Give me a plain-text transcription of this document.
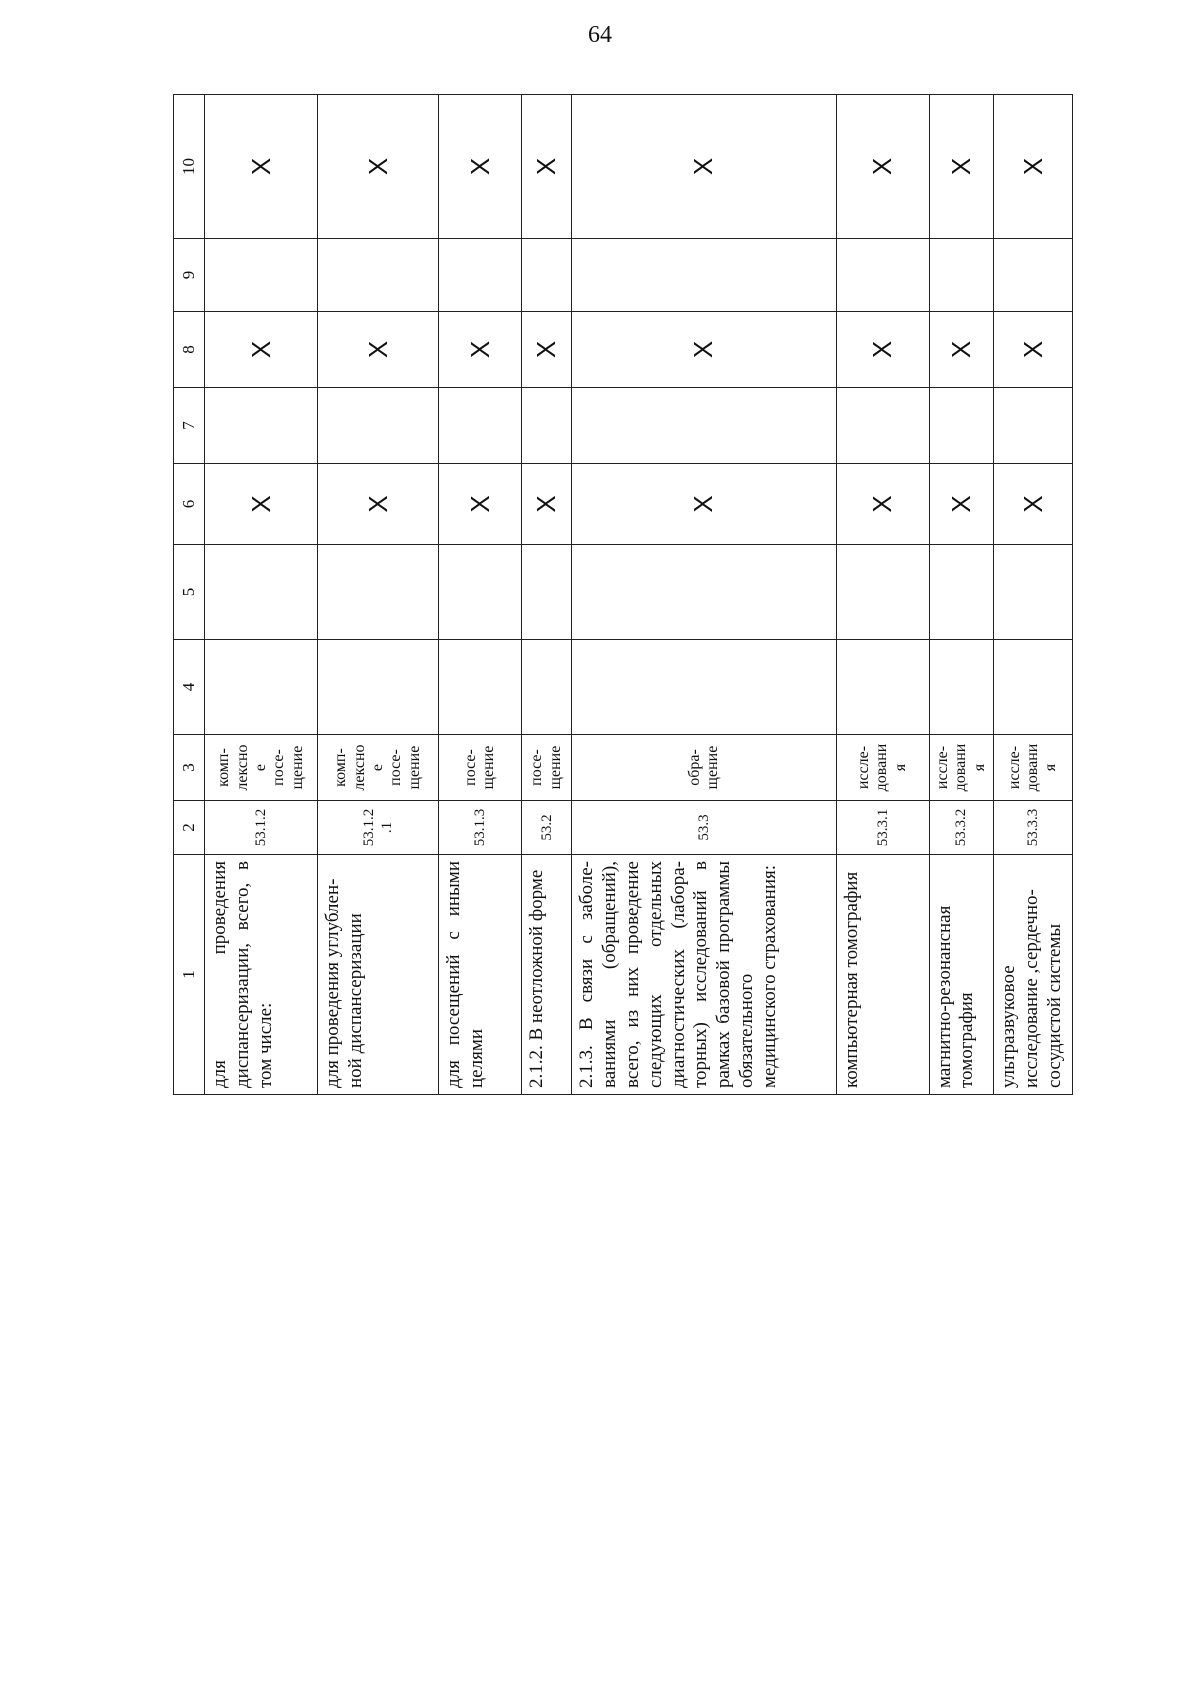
64
1	2	3	4	5	6	7	8	9	10
для проведения диспансеризации, всего, в том числе:	53.1.2	комп-
лексное
посе-
щение			X		X		X
для проведения углублен-ной диспансеризации	53.1.2.1	комп-
лексное
посе-
щение			X		X		X
для посещений с иными целями	53.1.3	посе-
щение			X		X		X
2.1.2. В неотложной форме	53.2	посе-
щение			X		X		X
2.1.3. В связи с заболе-ваниями (обращений), всего, из них проведение следующих отдельных диагностических (лабора-торных) исследований в рамках базовой программы обязательного медицинского страхования:	53.3	обра-
щение			X		X		X
компьютерная томография	53.3.1	иссле-
дования			X		X		X
магнитно-резонансная томография	53.3.2	иссле-
дования			X		X		X
ультразвуковое исследование ,сердечно-сосудистой системы	53.3.3	иссле-
дования			X		X		X
